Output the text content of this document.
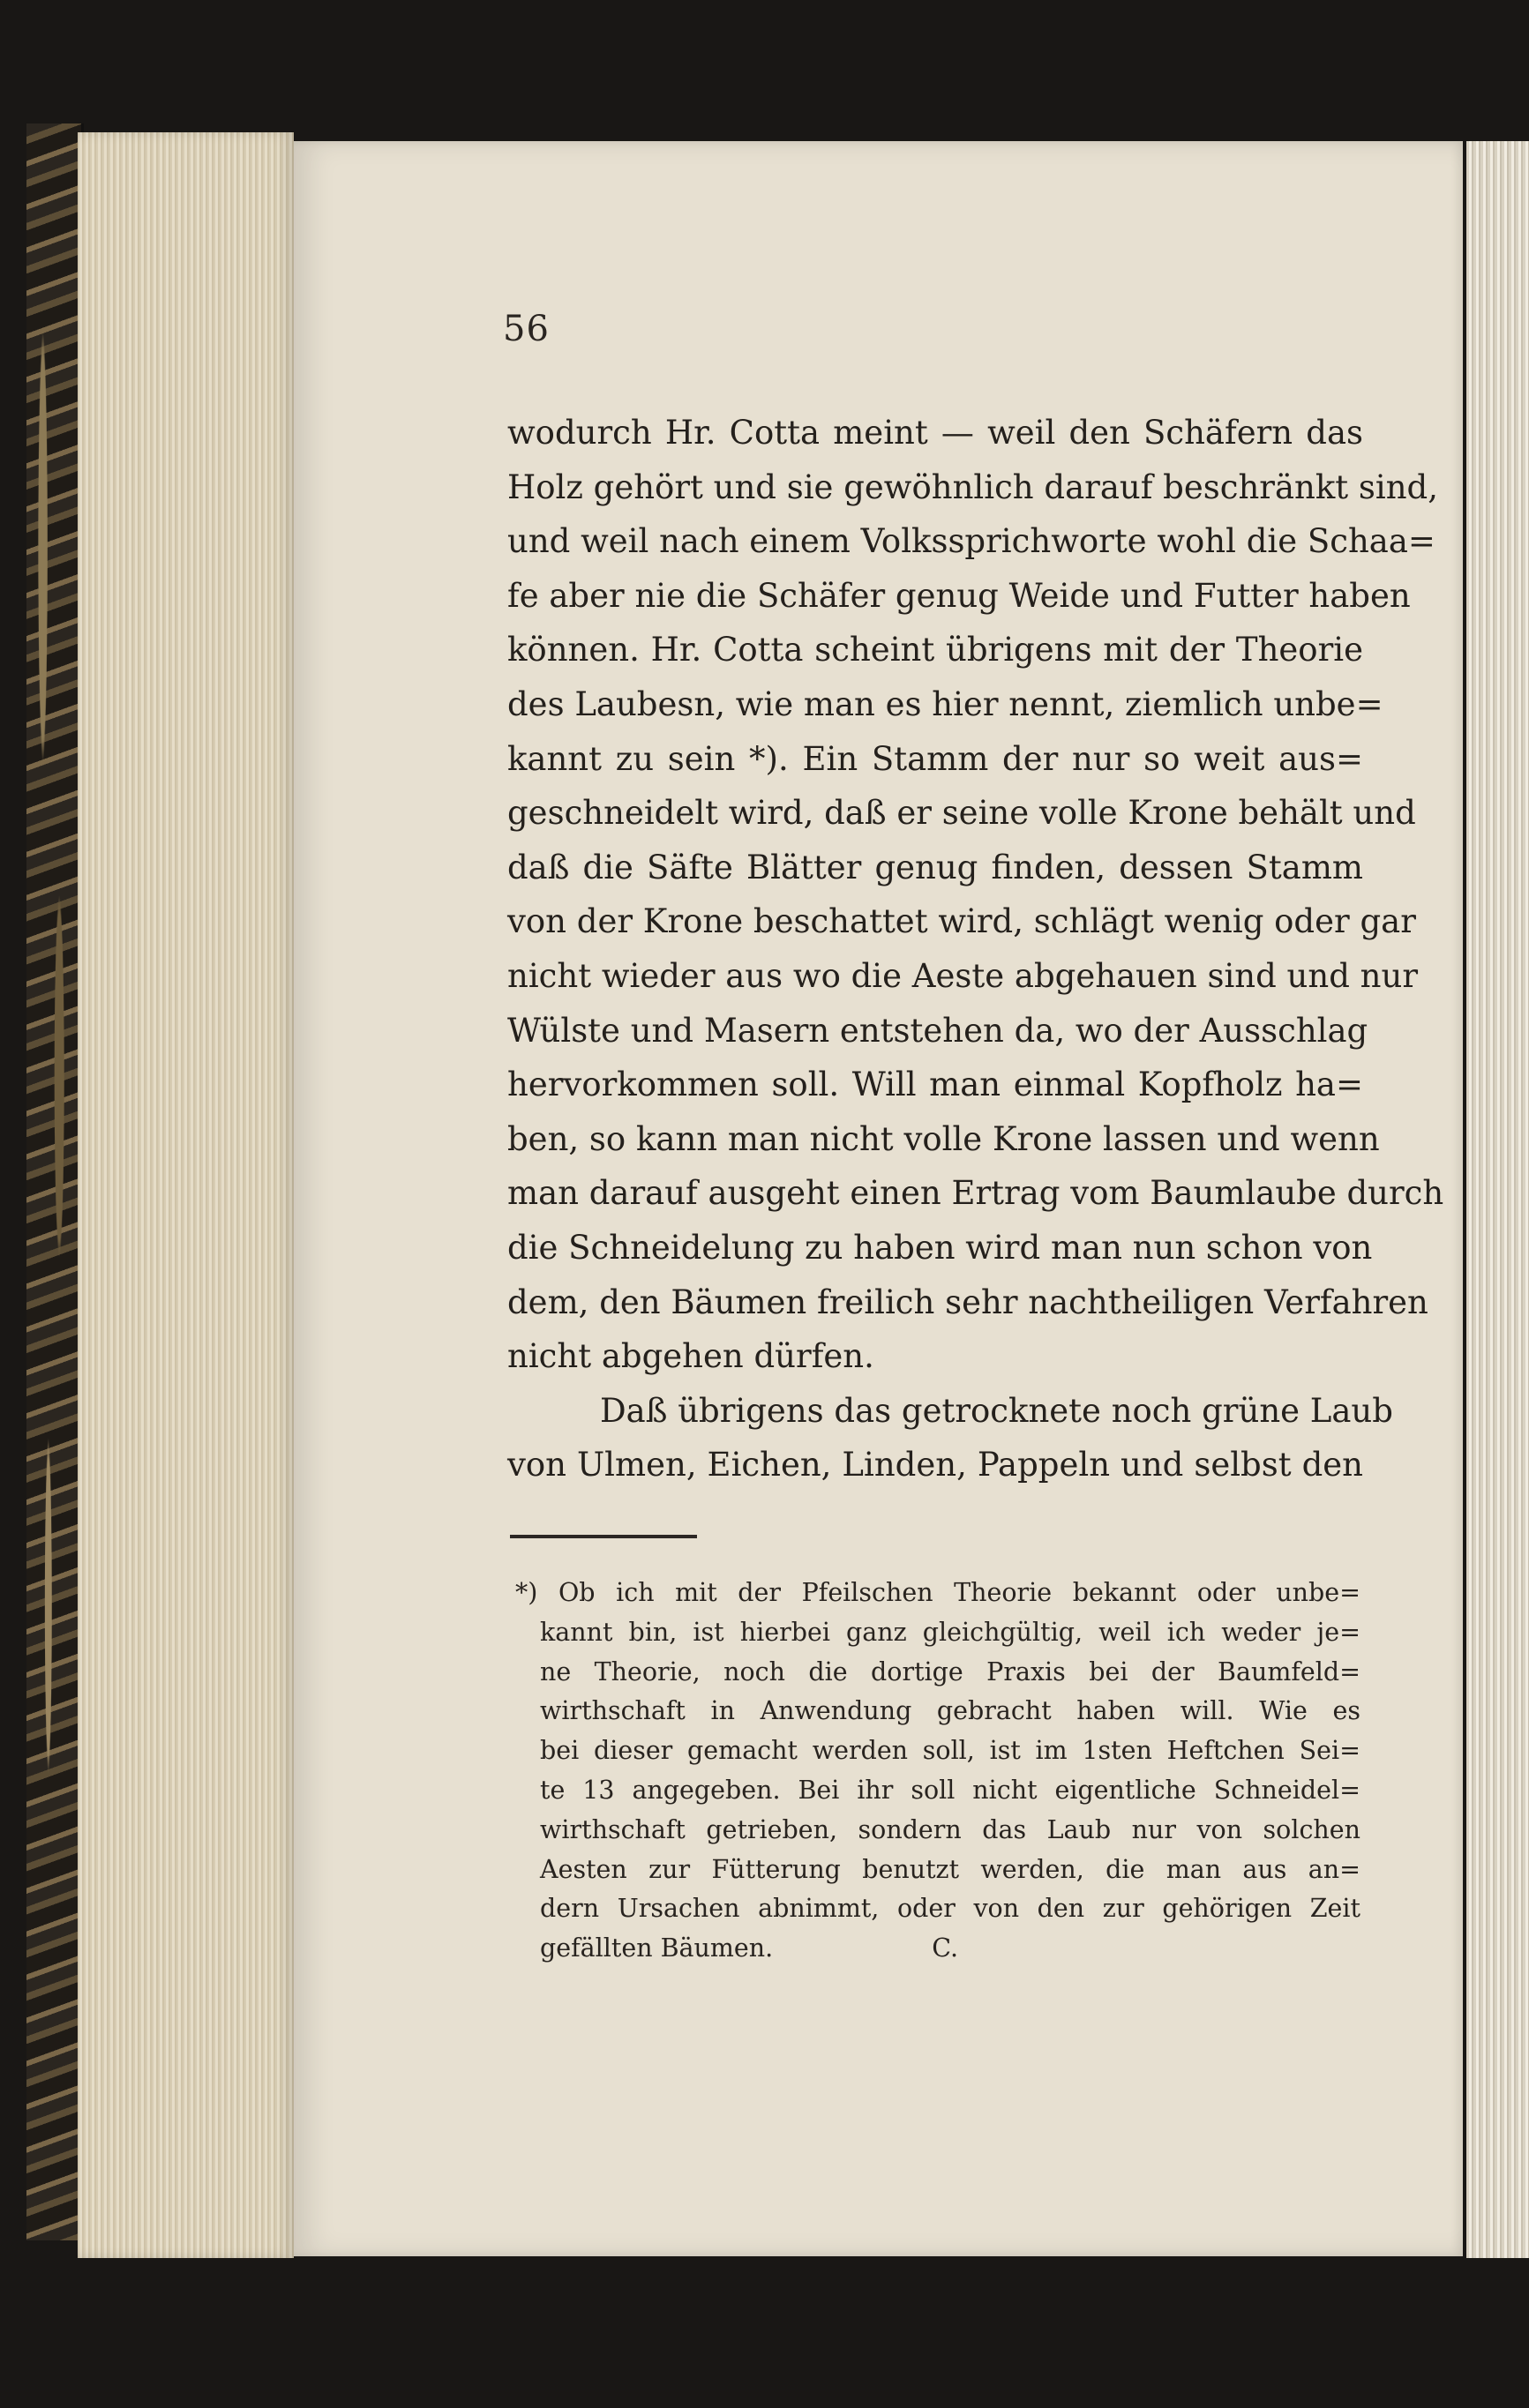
56
wodurch Hr. Cotta meint — weil den Schäfern das
Holz gehört und sie gewöhnlich darauf beschränkt sind,
und weil nach einem Volkssprichworte wohl die Schaa=
fe aber nie die Schäfer genug Weide und Futter haben
können. Hr. Cotta scheint übrigens mit der Theorie
des Laubesn, wie man es hier nennt, ziemlich unbe=
kannt zu sein *). Ein Stamm der nur so weit aus=
geschneidelt wird, daß er seine volle Krone behält und
daß die Säfte Blätter genug finden, dessen Stamm
von der Krone beschattet wird, schlägt wenig oder gar
nicht wieder aus wo die Aeste abgehauen sind und nur
Wülste und Masern entstehen da, wo der Ausschlag
hervorkommen soll. Will man einmal Kopfholz ha=
ben, so kann man nicht volle Krone lassen und wenn
man darauf ausgeht einen Ertrag vom Baumlaube durch
die Schneidelung zu haben wird man nun schon von
dem, den Bäumen freilich sehr nachtheiligen Verfahren
nicht abgehen dürfen.
Daß übrigens das getrocknete noch grüne Laub
von Ulmen, Eichen, Linden, Pappeln und selbst den
*) Ob ich mit der Pfeilschen Theorie bekannt oder unbe=
kannt bin, ist hierbei ganz gleichgültig, weil ich weder je=
ne Theorie, noch die dortige Praxis bei der Baumfeld=
wirthschaft in Anwendung gebracht haben will. Wie es
bei dieser gemacht werden soll, ist im 1sten Heftchen Sei=
te 13 angegeben. Bei ihr soll nicht eigentliche Schneidel=
wirthschaft getrieben, sondern das Laub nur von solchen
Aesten zur Fütterung benutzt werden, die man aus an=
dern Ursachen abnimmt, oder von den zur gehörigen Zeit
gefällten Bäumen.	C.
